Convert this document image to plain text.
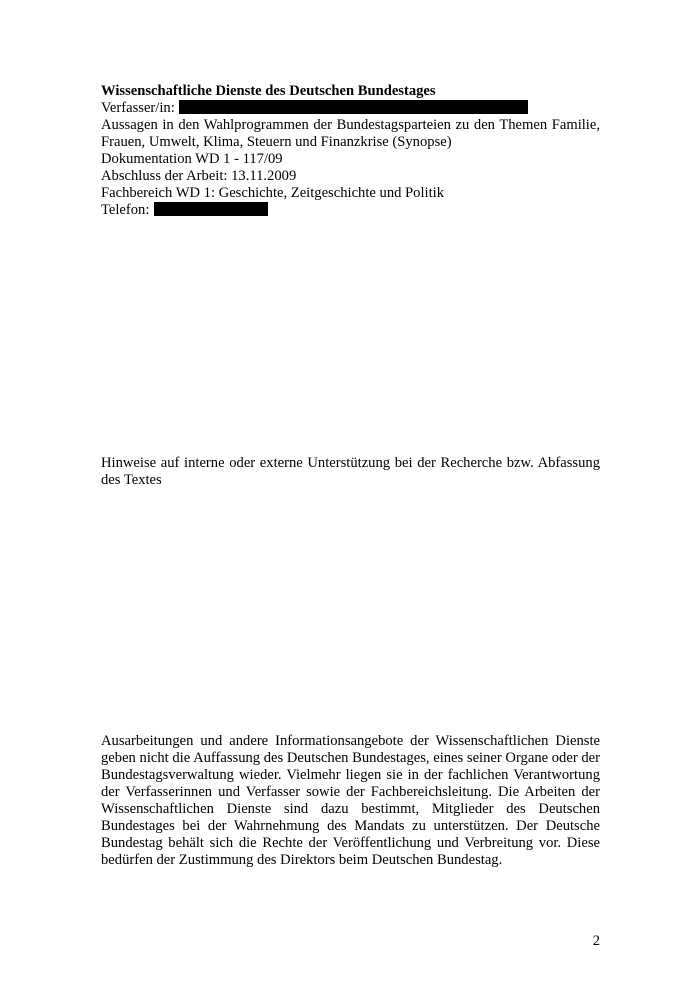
Wissenschaftliche Dienste des Deutschen Bundestages
Verfasser/in:
Aussagen in den Wahlprogrammen der Bundestagsparteien zu den Themen Familie, Frauen, Umwelt, Klima, Steuern und Finanzkrise (Synopse)
Dokumentation WD 1 - 117/09
Abschluss der Arbeit: 13.11.2009
Fachbereich WD 1: Geschichte, Zeitgeschichte und Politik
Telefon:
Hinweise auf interne oder externe Unterstützung bei der Recherche bzw. Abfassung des Textes
Ausarbeitungen und andere Informationsangebote der Wissenschaftlichen Dienste geben nicht die Auffassung des Deutschen Bundestages, eines seiner Organe oder der Bundestagsverwaltung wieder. Vielmehr liegen sie in der fachlichen Verantwortung der Verfasserinnen und Verfasser sowie der Fachbereichsleitung. Die Arbeiten der Wissenschaftlichen Dienste sind dazu bestimmt, Mitglieder des Deutschen Bundestages bei der Wahrnehmung des Mandats zu unterstützen. Der Deutsche Bundestag behält sich die Rechte der Veröffentlichung und Verbreitung vor. Diese bedürfen der Zustimmung des Direktors beim Deutschen Bundestag.
2
